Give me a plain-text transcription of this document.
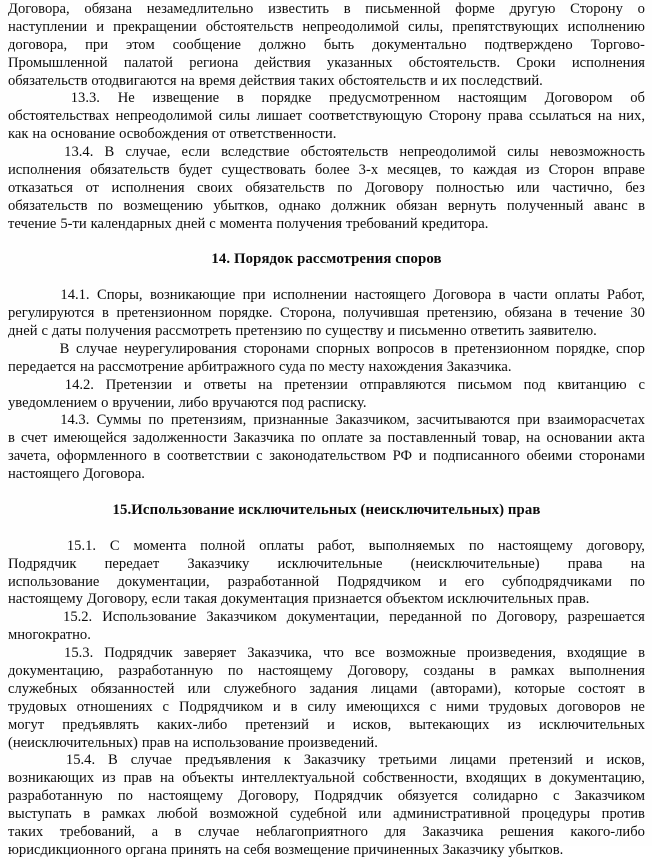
Договора, обязана незамедлительно известить в письменной форме другую Сторону о
наступлении и прекращении обстоятельств непреодолимой силы, препятствующих исполнению
договора, при этом сообщение должно быть документально подтверждено Торгово-
Промышленной палатой региона действия указанных обстоятельств. Сроки исполнения
обязательств отодвигаются на время действия таких обстоятельств и их последствий.
13.3. Не извещение в порядке предусмотренном настоящим Договором об
обстоятельствах непреодолимой силы лишает соответствующую Сторону права ссылаться на них,
как на основание освобождения от ответственности.
13.4. В случае, если вследствие обстоятельств непреодолимой силы невозможность
исполнения обязательств будет существовать более 3-х месяцев, то каждая из Сторон вправе
отказаться от исполнения своих обязательств по Договору полностью или частично, без
обязательств по возмещению убытков, однако должник обязан вернуть полученный аванс в
течение 5-ти календарных дней с момента получения требований кредитора.
14. Порядок рассмотрения споров
14.1. Споры, возникающие при исполнении настоящего Договора в части оплаты Работ,
регулируются в претензионном порядке. Сторона, получившая претензию, обязана в течение 30
дней с даты получения рассмотреть претензию по существу и письменно ответить заявителю.
В случае неурегулирования сторонами спорных вопросов в претензионном порядке, спор
передается на рассмотрение арбитражного суда по месту нахождения Заказчика.
14.2. Претензии и ответы на претензии отправляются письмом под квитанцию с
уведомлением о вручении, либо вручаются под расписку.
14.3. Суммы по претензиям, признанные Заказчиком, засчитываются при взаиморасчетах
в счет имеющейся задолженности Заказчика по оплате за поставленный товар, на основании акта
зачета, оформленного в соответствии с законодательством РФ и подписанного обеими сторонами
настоящего Договора.
15.Использование исключительных (неисключительных) прав
15.1. С момента полной оплаты работ, выполняемых по настоящему договору,
Подрядчик передает Заказчику исключительные (неисключительные) права на
использование документации, разработанной Подрядчиком и его субподрядчиками по
настоящему Договору, если такая документация признается объектом исключительных прав.
15.2. Использование Заказчиком документации, переданной по Договору, разрешается
многократно.
15.3. Подрядчик заверяет Заказчика, что все возможные произведения, входящие в
документацию, разработанную по настоящему Договору, созданы в рамках выполнения
служебных обязанностей или служебного задания лицами (авторами), которые состоят в
трудовых отношениях с Подрядчиком и в силу имеющихся с ними трудовых договоров не
могут предъявлять каких-либо претензий и исков, вытекающих из исключительных
(неисключительных) прав на использование произведений.
15.4. В случае предъявления к Заказчику третьими лицами претензий и исков,
возникающих из прав на объекты интеллектуальной собственности, входящих в документацию,
разработанную по настоящему Договору, Подрядчик обязуется солидарно с Заказчиком
выступать в рамках любой возможной судебной или административной процедуры против
таких требований, а в случае неблагоприятного для Заказчика решения какого-либо
юрисдикционного органа принять на себя возмещение причиненных Заказчику убытков.
